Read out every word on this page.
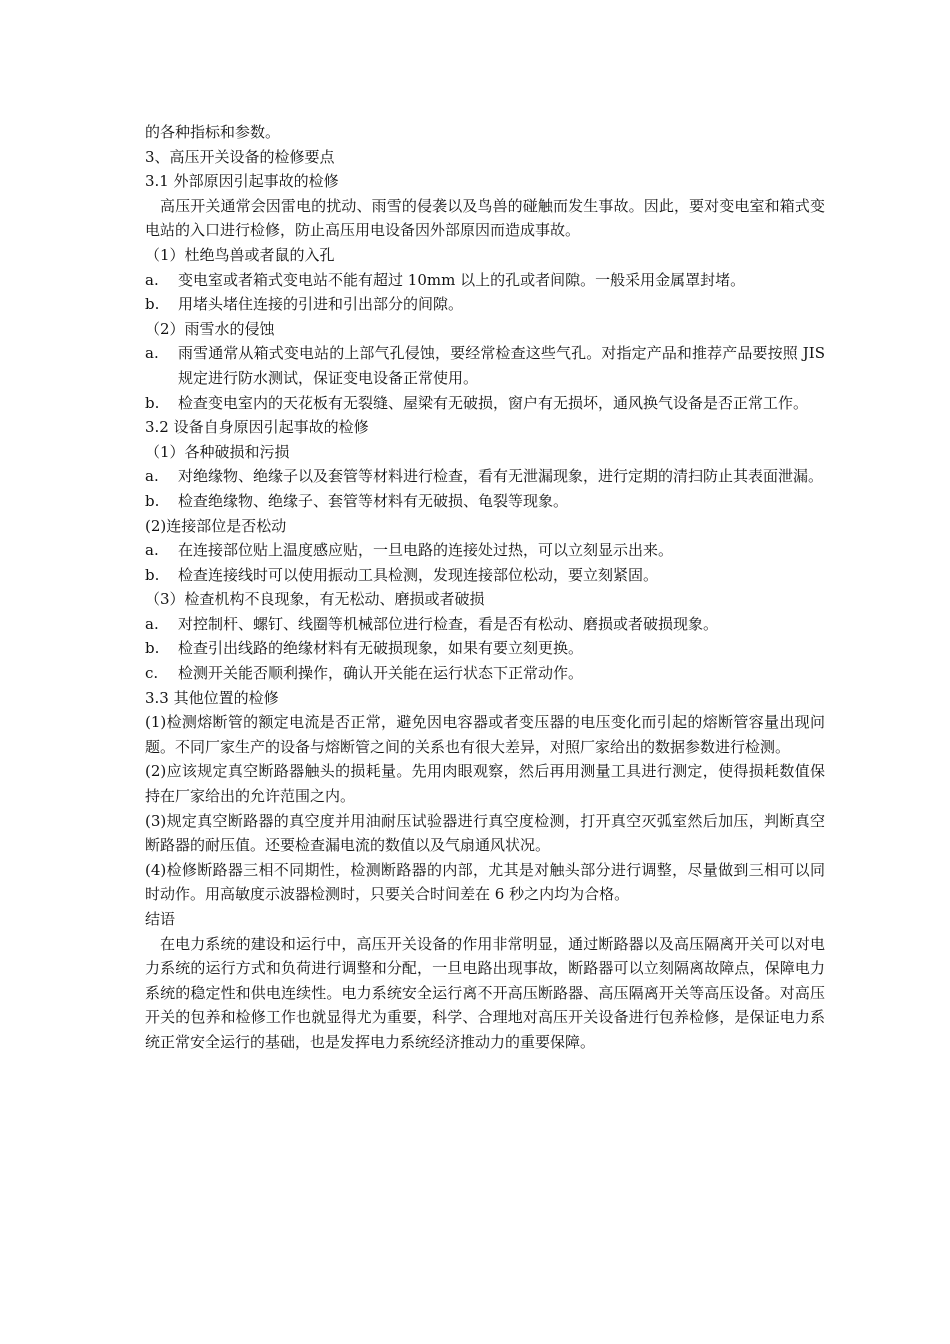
的各种指标和参数。
3、高压开关设备的检修要点
3.1 外部原因引起事故的检修
高压开关通常会因雷电的扰动、雨雪的侵袭以及鸟兽的碰触而发生事故。因此，要对变电室和箱式变电站的入口进行检修，防止高压用电设备因外部原因而造成事故。
（1）杜绝鸟兽或者鼠的入孔
a. 变电室或者箱式变电站不能有超过 10mm 以上的孔或者间隙。一般采用金属罩封堵。
b. 用堵头堵住连接的引进和引出部分的间隙。
（2）雨雪水的侵蚀
a. 雨雪通常从箱式变电站的上部气孔侵蚀，要经常检查这些气孔。对指定产品和推荐产品要按照 JIS 规定进行防水测试，保证变电设备正常使用。
b. 检查变电室内的天花板有无裂缝、屋梁有无破损，窗户有无损坏，通风换气设备是否正常工作。
3.2 设备自身原因引起事故的检修
（1）各种破损和污损
a. 对绝缘物、绝缘子以及套管等材料进行检查，看有无泄漏现象，进行定期的清扫防止其表面泄漏。
b. 检查绝缘物、绝缘子、套管等材料有无破损、龟裂等现象。
(2)连接部位是否松动
a. 在连接部位贴上温度感应贴，一旦电路的连接处过热，可以立刻显示出来。
b. 检查连接线时可以使用振动工具检测，发现连接部位松动，要立刻紧固。
（3）检查机构不良现象，有无松动、磨损或者破损
a. 对控制杆、螺钉、线圈等机械部位进行检查，看是否有松动、磨损或者破损现象。
b. 检查引出线路的绝缘材料有无破损现象，如果有要立刻更换。
c. 检测开关能否顺利操作，确认开关能在运行状态下正常动作。
3.3 其他位置的检修
(1)检测熔断管的额定电流是否正常，避免因电容器或者变压器的电压变化而引起的熔断管容量出现问题。不同厂家生产的设备与熔断管之间的关系也有很大差异，对照厂家给出的数据参数进行检测。
(2)应该规定真空断路器触头的损耗量。先用肉眼观察，然后再用测量工具进行测定，使得损耗数值保持在厂家给出的允许范围之内。
(3)规定真空断路器的真空度并用油耐压试验器进行真空度检测，打开真空灭弧室然后加压，判断真空断路器的耐压值。还要检查漏电流的数值以及气扇通风状况。
(4)检修断路器三相不同期性，检测断路器的内部，尤其是对触头部分进行调整，尽量做到三相可以同时动作。用高敏度示波器检测时，只要关合时间差在 6 秒之内均为合格。
结语
在电力系统的建设和运行中，高压开关设备的作用非常明显，通过断路器以及高压隔离开关可以对电力系统的运行方式和负荷进行调整和分配，一旦电路出现事故，断路器可以立刻隔离故障点，保障电力系统的稳定性和供电连续性。电力系统安全运行离不开高压断路器、高压隔离开关等高压设备。对高压开关的包养和检修工作也就显得尤为重要，科学、合理地对高压开关设备进行包养检修，是保证电力系统正常安全运行的基础，也是发挥电力系统经济推动力的重要保障。
